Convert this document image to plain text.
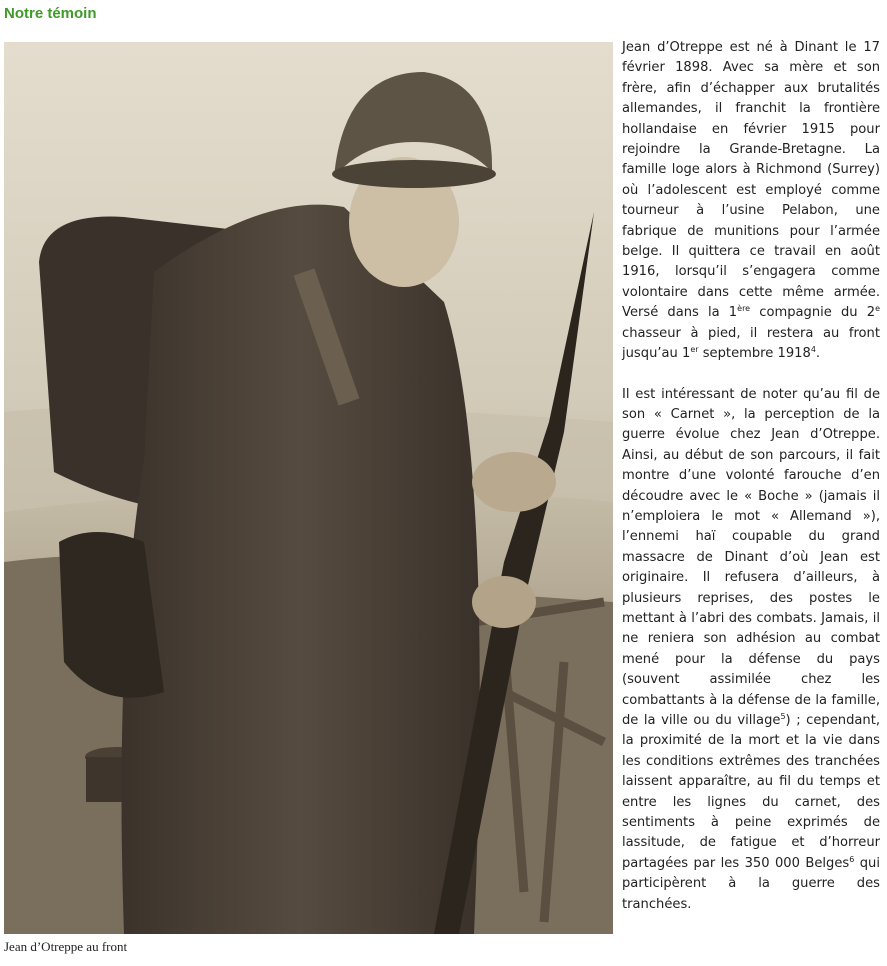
Notre témoin
Jean d’Otreppe au front

Jean d’Otreppe est né à Dinant le 17 février 1898. Avec sa mère et son frère, afin d’échapper aux brutalités allemandes, il franchit la frontière hollandaise en février 1915 pour rejoindre la Grande-Bretagne. La famille loge alors à Richmond (Surrey) où l’adolescent est employé comme tourneur à l’usine Pelabon, une fabrique de munitions pour l’armée belge. Il quittera ce travail en août 1916, lorsqu’il s’engagera comme volontaire dans cette même armée. Versé dans la 1ère compagnie du 2e chasseur à pied, il restera au front jusqu’au 1er septembre 1918$^4$.

Il est intéressant de noter qu’au fil de son « Carnet », la perception de la guerre évolue chez Jean d’Otreppe. Ainsi, au début de son parcours, il fait montre d’une volonté farouche d’en découdre avec le « Boche » (jamais il n’emploiera le mot « Allemand »), l’ennemi haï coupable du grand massacre de Dinant d’où Jean est originaire. Il refusera d’ailleurs, à plusieurs reprises, des postes le mettant à l’abri des combats. Jamais, il ne reniera son adhésion au combat mené pour la défense du pays (souvent assimilée chez les combattants à la défense de la famille, de la ville ou du village$^5$) ; cependant, la proximité de la mort et la vie dans les conditions extrêmes des tranchées laissent apparaître, au fil du temps et entre les lignes du carnet, des sentiments à peine exprimés de lassitude, de fatigue et d’horreur partagées par les 350 000 Belges$^6$ qui participèrent à la guerre des tranchées.
